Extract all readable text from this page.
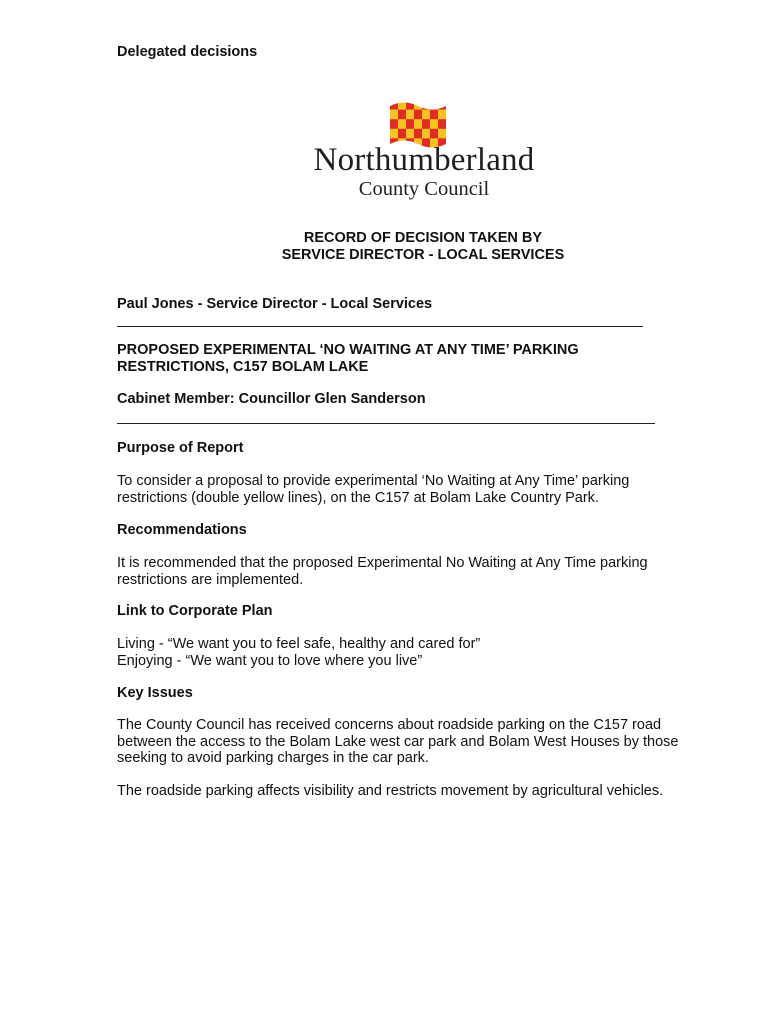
Delegated decisions
Northumberland
County Council
RECORD OF DECISION TAKEN BY
SERVICE DIRECTOR - LOCAL SERVICES
Paul Jones - Service Director - Local Services
PROPOSED EXPERIMENTAL ‘NO WAITING AT ANY TIME’ PARKING
RESTRICTIONS, C157 BOLAM LAKE
Cabinet Member: Councillor Glen Sanderson
Purpose of Report
To consider a proposal to provide experimental ‘No Waiting at Any Time’ parking
restrictions (double yellow lines), on the C157 at Bolam Lake Country Park.
Recommendations
It is recommended that the proposed Experimental No Waiting at Any Time parking
restrictions are implemented.
Link to Corporate Plan
Living - “We want you to feel safe, healthy and cared for”
Enjoying - “We want you to love where you live”
Key Issues
The County Council has received concerns about roadside parking on the C157 road
between the access to the Bolam Lake west car park and Bolam West Houses by those
seeking to avoid parking charges in the car park.
The roadside parking affects visibility and restricts movement by agricultural vehicles.
